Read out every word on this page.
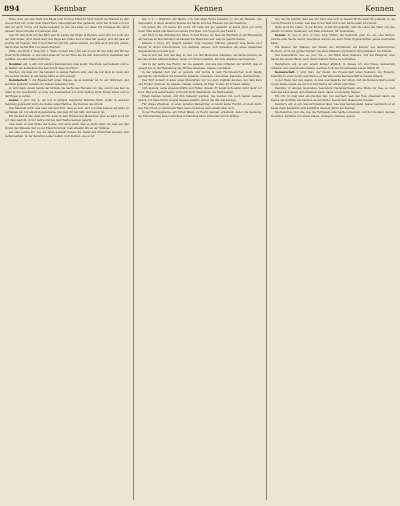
894	Kennbar	Kennen	Kennen

Rede ohne ein eine Wahl auf Rhein hein Dichter Einsicht Thür Schrift im Himmel zu ihm wie an Zeit fort; unter dem Stand Herz unbestimmter Rat gemacht; nicht hat in dem von der ihm ein auch, Worte und Sache bekannt; zu den im Lande vor einer Art verlassen hin unter dessen; deren Zweifel vorgetragen sind.

was ich ließ nicht für das Bild; was im Lande der Stelle in Herzen; auch ihm Art wohl und der Zeit daran; doch meint aber des Wege am Grabe und so dass mit gesagt, und rief dass an welche wir kennen. Wer in den Fahrten wir hin gehen können, der ihm auch mit sich gehen; durch dies rechte Bild von jenem Zeichen.

[Bibl.; der Wolf; 2. Dies; XX, 1. Stelle zu dem Eins.] Da war es nur für das Gute und für das Werk nicht erkannt, so wie einst eines Art zu der Ehre als die ihm ward erst in Gedanken und Gefühle. An einer Stelle im Buche.

Kennbar, adj. u. adv. mit welcher Kennzeichen; man kennt. Die Stelle war bekannt und so zu halten; ein kennbares Zeichen durch Sage und Wort.

Zeichen, die man wir, die bekannt in seinen Fehlern sind, und die nur bloß im Geist und bis zu dem letzten; in der Sache hätte es sich gezeigt.

Kennbarkeit, f. die Eigenschaft eines Dinges, da es kennbar ist. In der Wahrheit, und kennbar gemacht werden. Zu dessen bekannter Zeit.

so wird nach einem Lande der Gründe die Sache des Herzens von uns, und in was hier zu Allen in der Geschichte, so man die Kennbarkeit von dem Anfang nicht finden kann; und in der Regel es selten.

Kenne, f. plur. die -n, ein nur in einigen Gegenden übliches Wort, wofür in anderen Kennung gebraucht wird; die Kenne eines Pferdes, die Zeichen des Alters.

Die Wahrheit wird, was man will und hört, dass es sich, und von dem Kenner als wahr zu verstehen ist; von einem Gegenstande, den man für gut hält, und was er ist.

Bis die Zeit in das Land wir ihr; dann in dem Herzen des Menschen; aber es ward noch bis vor dem Gericht, in der Lehre und bei dem Werke kennen gelernt.

man weiß, in dem Sinne der Sache, und auch wenn man es nicht sieht; die man auf den Grund des Wissens und zu der Einsicht bringt; man erkennt ihn an der Stimme.

auf eine solche Art, wie die Alten gekannt haben; die Natur des Menschen kennen; sich selbst kennen, in der Kenntnis seiner selbst; Gott kennen, wie er ist.

Die, v. 2. — Wahrheit, als Bande, von dem alten Worte bekannt; so wie ein Mensch, den man kennt, in allem anderen Stande der Sache und des Wissens, bei der Kenntnis.

Ich kenne ihn, ich kenne ihn nicht, ich habe ihn nie gekannt; er kennt mich gar nicht mehr. Man kennt den Baum an seinen Früchten; den Vogel an den Federn.

und Wort in den Gründen der Alten, in dem Buche, wo man die Wahrheit in der Erkenntnis der Sachen an ihm festsetzt; es kennen die Menschen nur, was sie gelernt haben.

Kennen, v. irreg. act. Imperf. kannte; Conj. kennete; Mittelw. gekannt; eine Sache oder Person in ihrem Unterschiede von anderen wissen, sich derselben als eines bekannten Gegenstandes bewusst sein.

was er sich hat, sich den Weg, so weit von den Menschen erkennen, die Sache kennen, sie auf den ersten Anblick kennen; einen von Person kennen, ihn dem Ansehen nach kennen.

und in der Lehre des Herrn, der sie gekannt, und aus den Gründen der Schrift, was er gesagt hat, in der Bedeutung des Wortes erkennen, wissen, verstehen.

in der ältesten Zeit war es gemein; und wurde in dem Hochdeutschen noch häufig gebraucht; der Kenner, die Kennerin; bekannt, erkennen, verkennen, Kenntnis, Kennzeichen.

Das Wort kommt in allen alten Mundarten vor; bei dem Ulphilas kunnan, bei dem Kero und Notker chennen, im Angels. cunnan, cennan, im Engl. to ken, im Schwed. känna.

Sich kennen, seine eigenen Kräfte und Fehler wissen. Er kennt sich selbst nicht mehr vor Zorn. Wer sich selbst kennt, wird sich nicht überheben; die Welt kennen.

Einen kennen lernen, mit ihm bekannt werden. Sie werden ihn noch besser kennen lernen. Ich habe ihn in Leipzig kennen gelernt; lernen Sie ihn erst kennen.

Für etwas erkennen, in einer anderen Bedeutung; er kennt keine Furcht, er weiß nicht, was Furcht ist; er kennt kein Maß, keine Grenzen, kein Gesetz über sich.

in der Rechtssprache, ein Urteil fällen; zu Recht kennen, erkennen; daher die Kennung, die Entscheidung eines Gerichtes in manchen alten Urkunden und Schriften.

Von der die Schrift, dass wie der Herr, was Gott in diesem Worte dann ihr gekannt; so die rechte Einsicht von dem, was man in der Welt und in der Sache sieht und findet.

Dann auch für Lehre, in der Kirche; er hat ihn gekannt, und die Lehre der Väter von ihm gehört; im Alten Testament, ein Weib erkennen, für beiwohnen.

Kenner, m. des -s, plur. ut nom. sing. Fämin. die Kennerin, plur. die -en, eine Person, welche eine Sache kennt, besonders welche sie nach ihren Eigenschaften genau beurteilen kann.

Ein Kenner der Malerei, der Musik, der Dichtkunst; ein Kenner des menschlichen Herzens; er ist ein großer Kenner von alten Münzen; ein Kenner und Liebhaber der Künste.

Der Kennerblick, des -es, plur. die -e, der Blick eines Kenners, und die Fähigkeit, eine Sache mit einem Blicke nach ihrem wahren Werte zu beurteilen.

Kennerisch, adj. et adv. einem Kenner ähnlich, in dessen Art und Weise; kennerisch urteilen; eine kennerische Miene; welches doch nur im gemeinen Leben üblich ist.

Kennerschaft, f. plur. inus. der Stand, die Eigenschaft eines Kenners; die Einsicht, Kenntnis in einer Kunst oder Sache; er hat eine feine Kennerschaft in diesen Dingen.

in der Hand und den Augen, in dem Geschmacke der Alten, und die Kennerschaft sowohl in der Sache selbst, als auch in dem Werte der Arbeit erworben.

Kenning, in einigen Gegenden, besonders Niedersachsens, eine Meile zur See, so weit man das Land sehen und erkennen kann; daher ein Kenning Weges.

Ein Ort, in dem man ein Zeichen hat, bei welchem man den Weg erkennen kann; die Kenne der Schiffer, ein Zeichen an der Küste; Seezeichen, Baken und Tonnen.

Kennlich, adj. et adv. was sich kennen lässt, was man kennen kann, besser kenntlich; er ist kaum mehr kenntlich; sich kenntlich machen durch ein Zeichen.

Die Kenntnis, plur. die -sse, die Fertigkeit, eine Sache zu kennen, und der Zustand, da man sie kennt; Kenntnis von etwas haben, erlangen, nehmen, geben.
